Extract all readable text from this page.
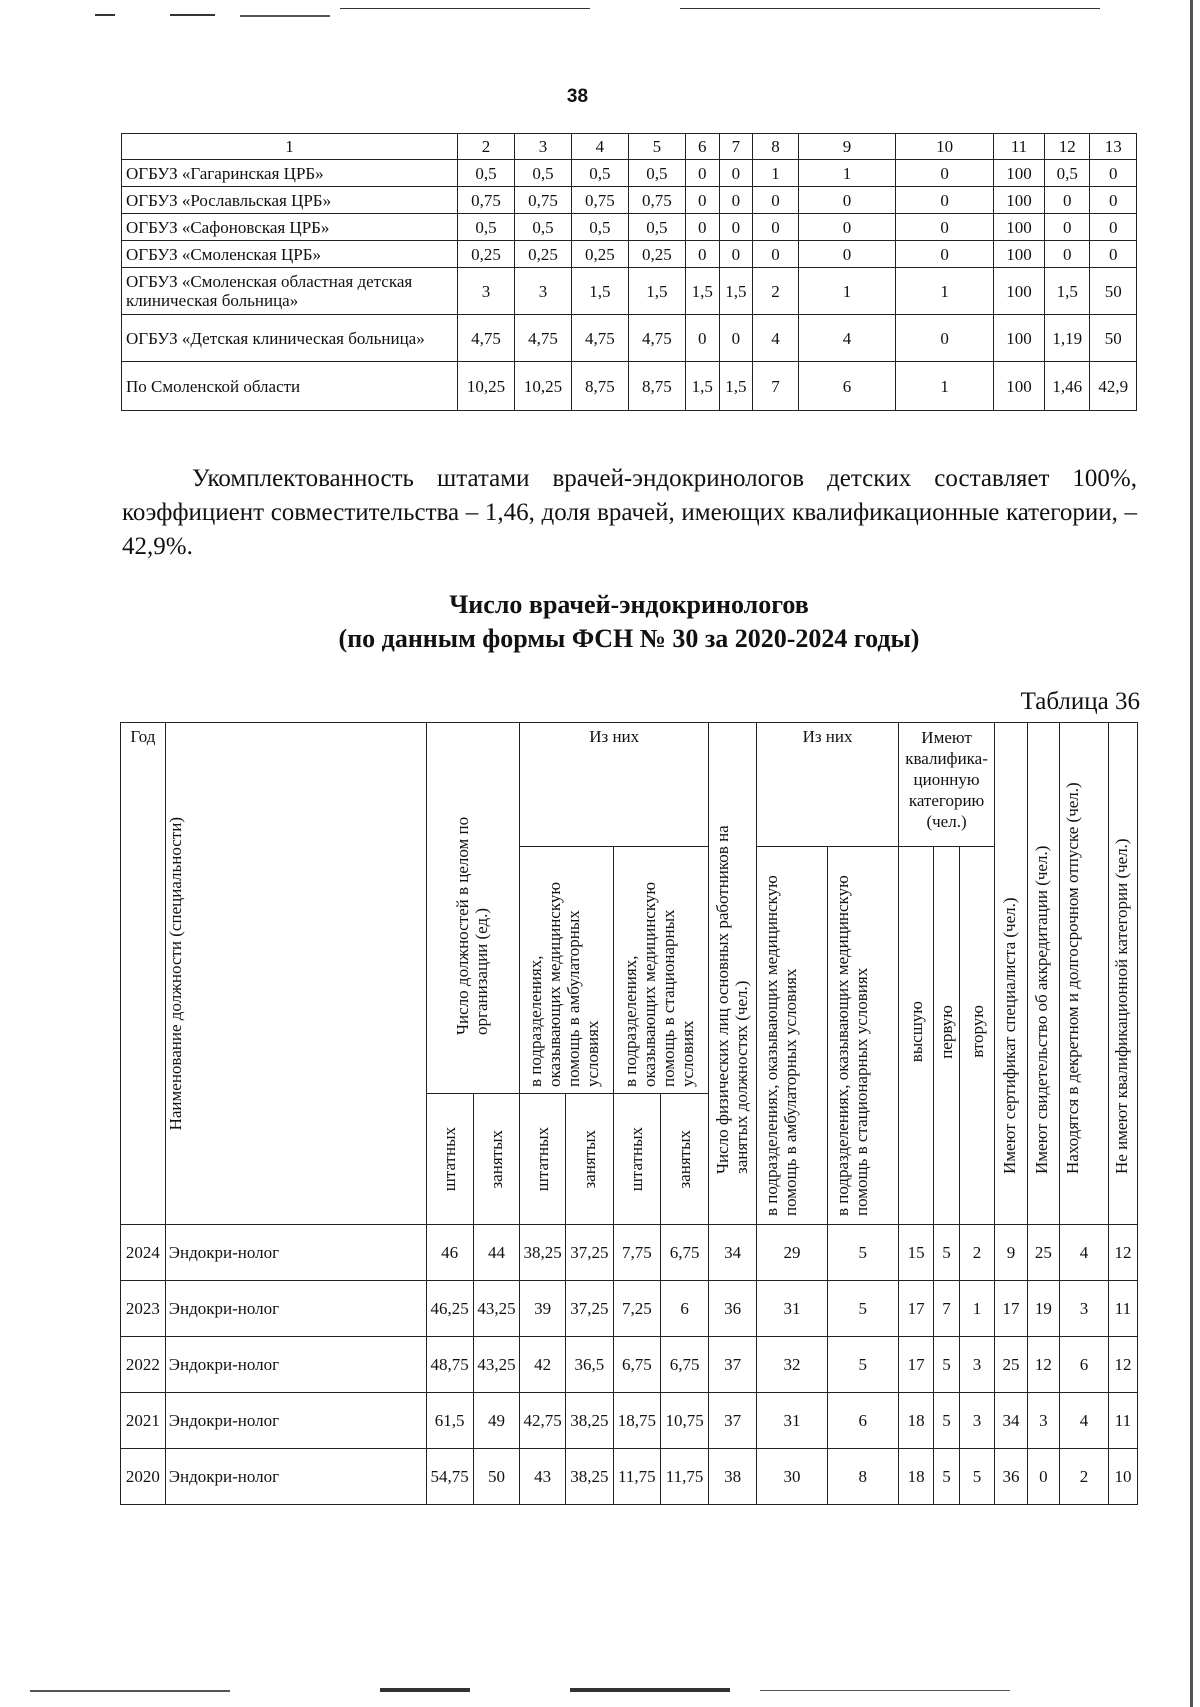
38
1	2	3	4	5	6	7	8	9	10	11	12	13
ОГБУЗ «Гагаринская ЦРБ»	0,5	0,5	0,5	0,5	0	0	1	1	0	100	0,5	0
ОГБУЗ «Рославльская ЦРБ»	0,75	0,75	0,75	0,75	0	0	0	0	0	100	0	0
ОГБУЗ «Сафоновская ЦРБ»	0,5	0,5	0,5	0,5	0	0	0	0	0	100	0	0
ОГБУЗ «Смоленская ЦРБ»	0,25	0,25	0,25	0,25	0	0	0	0	0	100	0	0
ОГБУЗ «Смоленская областная детская клиническая больница»	3	3	1,5	1,5	1,5	1,5	2	1	1	100	1,5	50
ОГБУЗ «Детская клиническая больница»	4,75	4,75	4,75	4,75	0	0	4	4	0	100	1,19	50
По Смоленской области	10,25	10,25	8,75	8,75	1,5	1,5	7	6	1	100	1,46	42,9

Укомплектованность штатами врачей-эндокринологов детских составляет 100%, коэффициент совместительства – 1,46, доля врачей, имеющих квалификационные категории, – 42,9%.

Число врачей-эндокринологов
(по данным формы ФСН № 30 за 2020-2024 годы)
Таблица 36
Год	Наименование должности (специальности)	Число должностей в целом по организации (ед.)		Из них				Число физических лиц основных работников на занятых должностях (чел.)	Из них		Имеют квалифика-ционную категорию (чел.)			Имеют сертификат специалиста (чел.)	Имеют свидетельство об аккредитации (чел.)	Находятся в декретном и долгосрочном отпуске (чел.)	Не имеют квалификационной категории (чел.)

				в подразделениях, оказывающих медицинскую помощь в амбулаторных условиях		в подразделениях, оказывающих медицинскую помощь в стационарных условиях			в подразделениях, оказывающих медицинскую помощь в амбулаторных условиях	в подразделениях, оказывающих медицинскую помощь в стационарных условиях	высшую	первую	вторую				

		штатных	занятых	штатных	занятых	штатных	занятых										

2024	Эндокри-нолог	46	44	38,25	37,25	7,75	6,75	34	29	5	15	5	2	9	25	4	12
2023	Эндокри-нолог	46,25	43,25	39	37,25	7,25	6	36	31	5	17	7	1	17	19	3	11
2022	Эндокри-нолог	48,75	43,25	42	36,5	6,75	6,75	37	32	5	17	5	3	25	12	6	12
2021	Эндокри-нолог	61,5	49	42,75	38,25	18,75	10,75	37	31	6	18	5	3	34	3	4	11
2020	Эндокри-нолог	54,75	50	43	38,25	11,75	11,75	38	30	8	18	5	5	36	0	2	10
